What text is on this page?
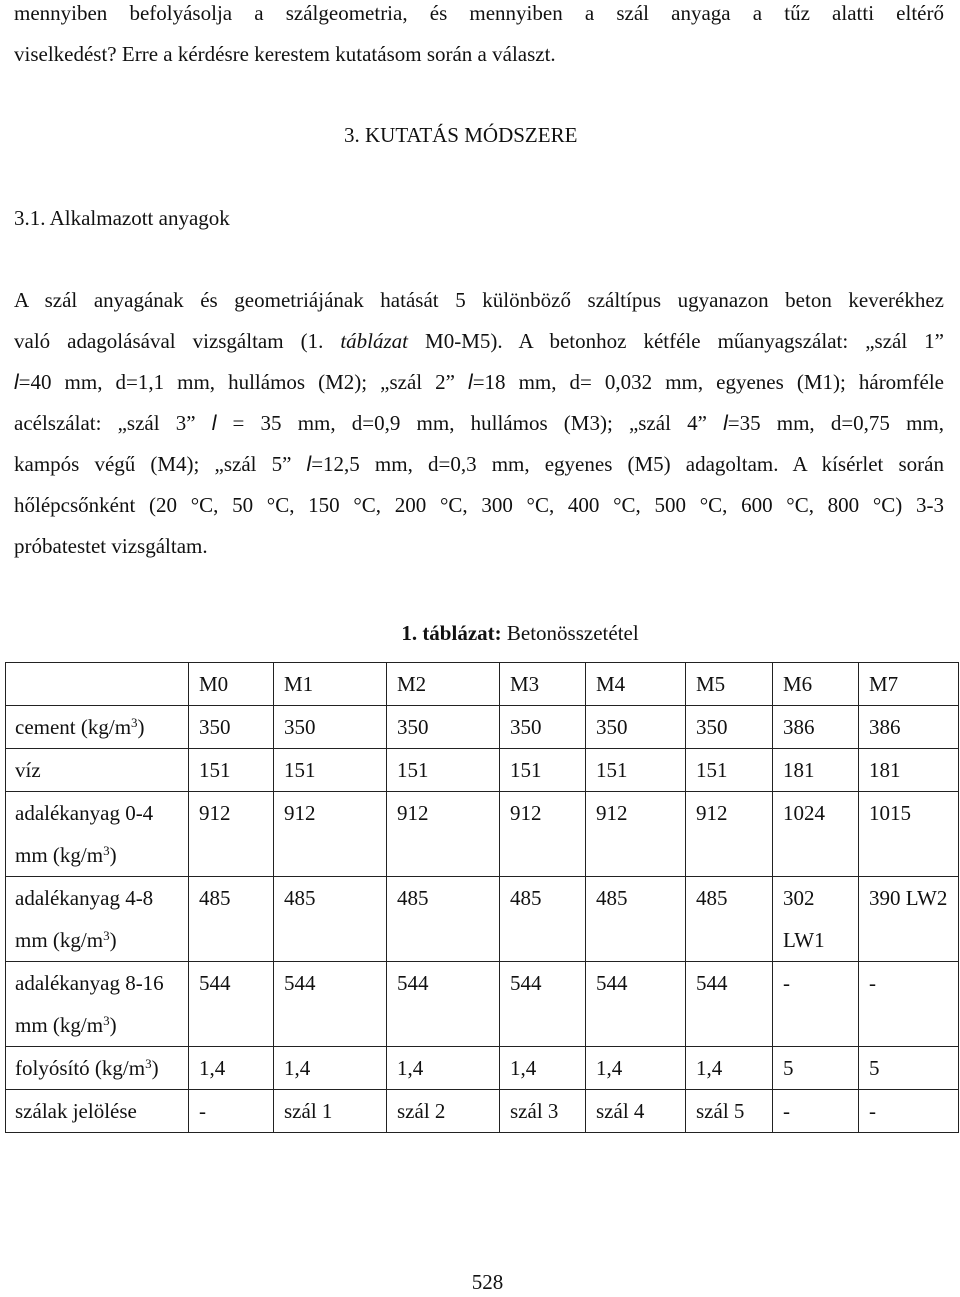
mennyiben befolyásolja a szálgeometria, és mennyiben a szál anyaga a tűz alatti eltérő
viselkedést? Erre a kérdésre kerestem kutatásom során a választ.

3. KUTATÁS MÓDSZERE
3.1. Alkalmazott anyagok

A szál anyagának és geometriájának hatását 5 különböző száltípus ugyanazon beton keverékhez
való adagolásával vizsgáltam (1. táblázat M0-M5). A betonhoz kétféle műanyagszálat: „szál 1”
l=40 mm, d=1,1 mm, hullámos (M2); „szál 2” l=18 mm, d= 0,032 mm, egyenes (M1); háromféle
acélszálat: „szál 3” l = 35 mm, d=0,9 mm, hullámos (M3); „szál 4” l=35 mm, d=0,75 mm,
kampós végű (M4); „szál 5” l=12,5 mm, d=0,3 mm, egyenes (M5) adagoltam. A kísérlet során
hőlépcsőnként (20 °C, 50 °C, 150 °C, 200 °C, 300 °C, 400 °C, 500 °C, 600 °C, 800 °C) 3-3
próbatestet vizsgáltam.

1. táblázat: Betonösszetétel

	M0	M1	M2	M3	M4	M5	M6	M7
cement $(kg/m^3)$	350	350	350	350	350	350	386	386
víz	151	151	151	151	151	151	181	181
adalékanyag 0-4 mm $(kg/m^3)$	912	912	912	912	912	912	1024	1015
adalékanyag 4-8 mm $(kg/m^3)$	485	485	485	485	485	485	302 LW1	390 LW2
adalékanyag 8-16 mm $(kg/m^3)$	544	544	544	544	544	544	-	-
folyósító $(kg/m^3)$	1,4	1,4	1,4	1,4	1,4	1,4	5	5
szálak jelölése	-	szál 1	szál 2	szál 3	szál 4	szál 5	-	-
528
